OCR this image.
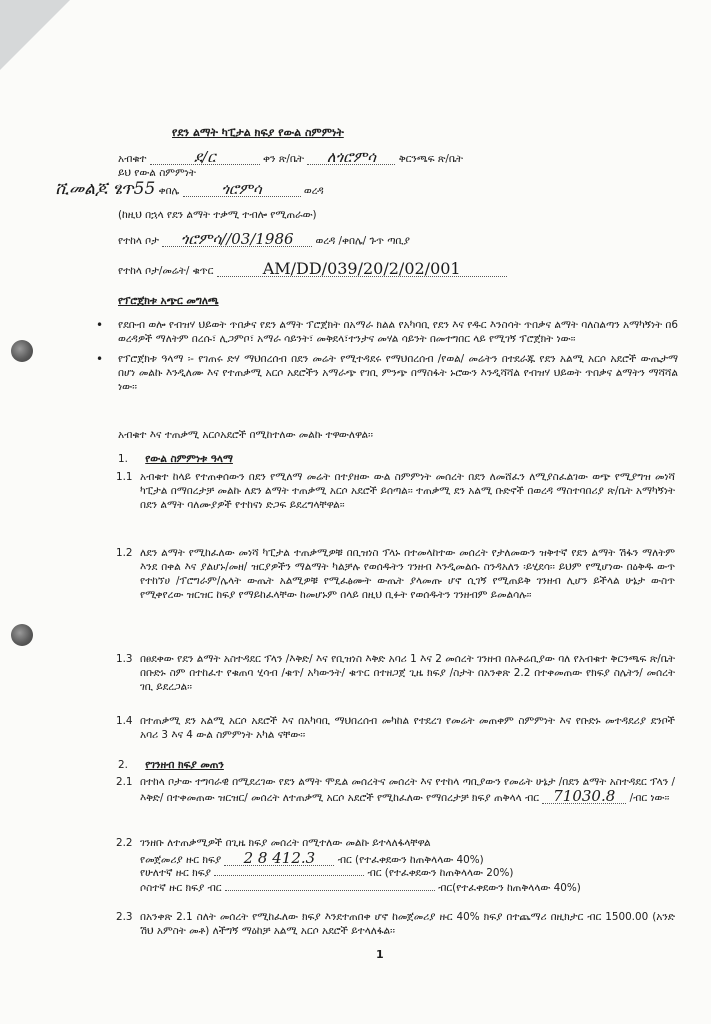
የደን ልማት ካፒታል ክፍያ የውል ስምምነት
አብቁተ	ደ/ር	ቀን ጽ/ቤት ለጎሮምሳ ቅርንጫፍ ጽ/ቤት
ይህ የውል ስምምነት
ሺመልጆ ፄጥ55 ቀበሌ	ጎሮምሳ	ወረዳ
(ከዚህ በኋላ የደን ልማት ተቃሚ ተብሎ የሚጠራው)
የተከላ ቦታ ጎሮምሳ//03/1986 ወረዳ /ቀበሌ/ ጉጥ ጣቢያ
የተከላ ቦታ/መሬት/ ቁጥር	AM/DD/039/20/2/02/001
የፕሮጀክቱ አጭር መግለጫ
• የደቡብ ወሎ የብዝሃ ህይወት ጥበቃና የደን ልማት ፕሮጀክት በአማራ ክልል የአካባቢ የደን እና የዱር እንስሳት ጥበቃና ልማት ባለስልጣን አማካኝነት በ6 ወረዳዎች ማለትም በረሱ፣ ሊጋምቦ፣ አማራ ሳይንት፣ መቅደላ፣ተንታና መሃል ሳይንት በመተግበር ላይ የሚገኝ ፕሮጀክት ነው፡፡
• የፕሮጀክቱ ዓላማ ፡- የገጠሩ ድሃ ማህበረሰብ በደን መሬት የሚተዳደሩ የማህበረሰብ /የወል/ መሬትን በተደራጁ የደን አልሚ አርሶ አደሮች ውጤታማ በሆነ መልኩ እንዲለሙ እና የተጠቃሚ አርሶ አደሮችን አማራጭ የገቢ ምንጭ በማስፋት ኑሮውን እንዲሻሻል የብዝሃ ህይወት ጥበቃና ልማትን ማሻሻል ነው፡፡
አብቁተ እና ተጠቃሚ አርሶአደሮች በሚከተለው መልኩ ተዋውለዋል፡፡
1. የውል ስምምነቱ ዓላማ
1.1 አብቁተ ከላይ የተጠቀሰውን በደን የሚለማ መሬት በተያዘው ውል ስምምነት መሰረት በደን ለመሸፈን ለሚያስፈልገው ወጭ የሚያግዝ መነሻ ካፒታል በማበረታቻ መልኩ ለደን ልማት ተጠቃሚ አርሶ አደሮች ይሰጣል፡፡ ተጠቃሚ ደን አልሚ ቡድኖች በወረዳ ማስተባበሪያ ጽ/ቤት አማካኝነት በደን ልማት ባለሙያዎች የተከናነ ድጋፍ ይደረግላቸዋል፡፡
1.2 ለደን ልማት የሚከፈለው መነሻ ካፒታል ተጠቃሚዎቹ በቢዝነስ ፕላኑ በተመላከተው መሰረት የታለመውን ዝቅተኛ የደን ልማት ሽፋን ማለትም እንደ በቀል እና ያልሆኑ/መዘ/ ዝርያዎችን ማልማት ካልቻሉ የወሰዱትን ገንዘብ እንዲመልሱ ስንዳአለን ፡ይሂደሳ፡፡ ይህም የሚሆነው በዕቅዱ ውጥ የተከኘሀ /ፕሮግራም/ሌላት ውጤት አልሚዎቹ የሚፈፅሙት ውጤት ያላመጡ ሆኖ ሲገኝ የሚጠይቅ ገንዘብ ሊሆን ይችላል ሁኔታ ውስጥ የሚቀየረው ዝርዝር ከፍያ የማይከፈላቸው ከመሆኑም በላይ በዚህ ቢፉት የወሰዱትን ገንዘብም ይመልሳሉ፡፡
1.3 በፀደቀው የደን ልማት አስተዳደር ፕላን /እቅድ/ እና የቢዝነስ እቅድ አባሪ 1 እና 2 መሰረት ገንዘብ በአቶሬቢያው ባለ የአብቁተ ቅርንጫፍ ጽ/ቤት በቡድኑ ስም በተከፈተ የቁጠባ ሂሳብ /ቁጥ/ አካውንት/ ቁጥር በተዘጋጀ ጊዜ ክፍያ /ስታት በአንቀጽ 2.2 በተቀመጠው የክፍያ ስሌትን/ መሰረት ገቢ ይደረጋል፡፡
1.4 በተጠቃሚ ደን አልሚ አርሶ አደሮች እና በአካባቢ ማህበረሰብ መካከል የተደረገ የመሬት መጠቀም ስምምነት እና የቡድኑ መተዳደሪያ ደንቦች አባሪ 3 እና 4 ውል ስምምነት አካል ናቸው፡፡
2. የገንዘብ ክፍያ መጠን
2.1 በተከላ ቦታው ተግባራዊ በሚደረገው የደን ልማት ሞዴል መሰረትና መሰረት እና የተከላ ጣቢያውን የመሬት ሁኔታ /በደን ልማት አስተዳደር ፕላን /እቅድ/ በተቀመጠው ዝርዝር/ መሰረት ለተጠቃሚ አርሶ አደሮች የሚከፈለው የማበረታቻ ክፍያ ጠቅላላ ብር 71030.8 /ብር ነው፡፡
2.2 ገንዘቡ ለተጠቃሚዎች በጊዜ ክፍያ መሰረት በሚተለው መልኩ ይተላለፋላቸዋል
የመጀመሪያ ዙር ክፍያ 2 8 412.3 ብር (የተፈቀደውን ከጠቅላላው 40%)
የሁለተኛ ዙር ክፍያ	ብር (የተፈቀደውን ከጠቅላላው 20%)
ሶስተኛ ዙር ክፍያ ብር	ብር(የተፈቀደውን ከጠቅላላው 40%)
2.3 በአንቀጽ 2.1 ስለት መሰረት የሚከፈለው ክፍያ እንደተጠበቀ ሆኖ ከመጀመሪያ ዙር 40% ክፍያ በተጨማሪ በዚክታር ብር 1500.00 (አንድ ሽህ አምስት መቶ) ለችግኝ ማዕከቻ አልሚ አርሶ አደሮች ይተላለፋል፡፡
1
